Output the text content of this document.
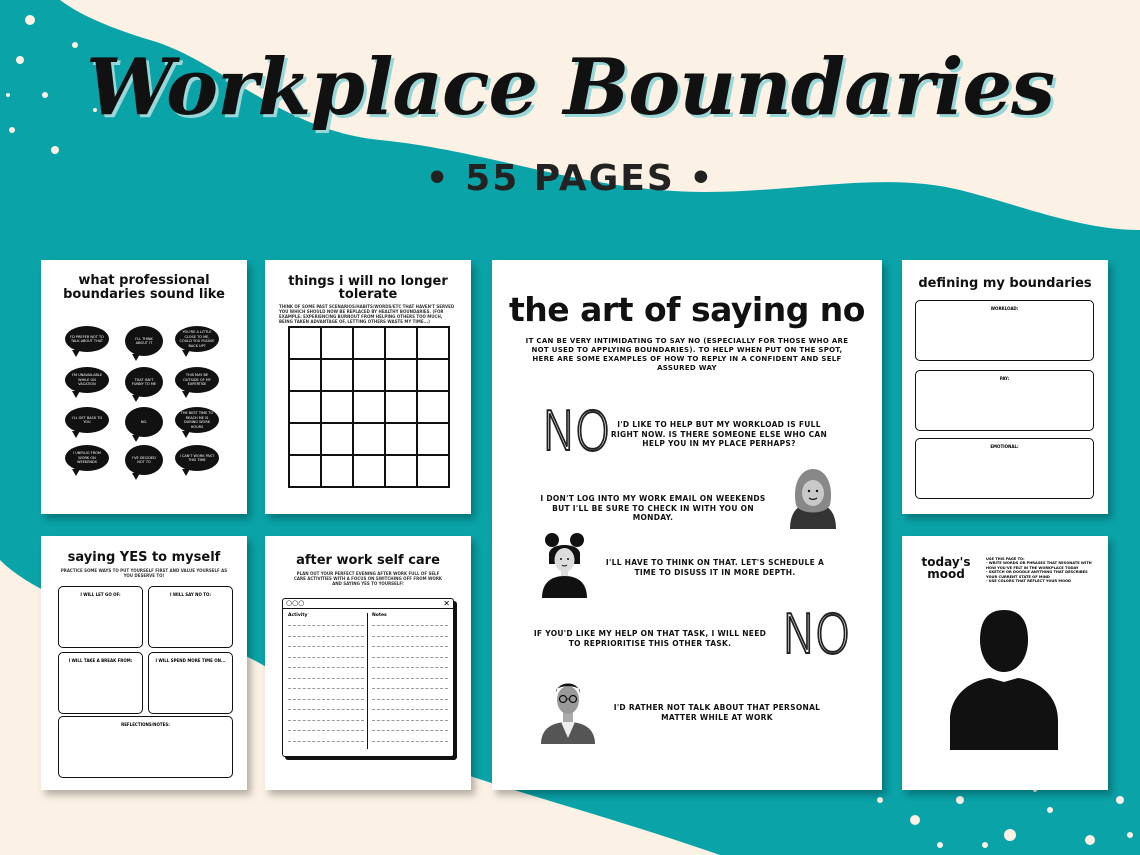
Workplace Boundaries
• 55 PAGES •
what professional boundaries sound like
I'D PREFER NOT TO TALK ABOUT THAT
I'LL THINK ABOUT IT
YOU'RE A LITTLE CLOSE TO ME, COULD YOU PLEASE BACK UP?
I'M UNAVAILABLE WHILE ON VACATION
THAT ISN'T FUNNY TO ME
THIS MAY BE OUTSIDE OF MY EXPERTISE
I'LL GET BACK TO YOU	NO.
THE BEST TIME TO REACH ME IS DURING WORK HOURS
I UNPLUG FROM WORK ON WEEKENDS
I'VE DECIDED NOT TO
I CAN'T WORK PAST THIS TIME
things i will no longer tolerate
THINK OF SOME PAST SCENARIOS/HABITS/WORDS/ETC THAT HAVEN'T SERVED YOU WHICH SHOULD NOW BE REPLACED BY HEALTHY BOUNDARIES. (FOR EXAMPLE: EXPERIENCING BURNOUT FROM HELPING OTHERS TOO MUCH, BEING TAKEN ADVANTAGE OF, LETTING OTHERS WASTE MY TIME...)	the art of saying no
IT CAN BE VERY INTIMIDATING TO SAY NO (ESPECIALLY FOR THOSE WHO ARE NOT USED TO APPLYING BOUNDARIES). TO HELP WHEN PUT ON THE SPOT, HERE ARE SOME EXAMPLES OF HOW TO REPLY IN A CONFIDENT AND SELF ASSURED WAY
NO	I'D LIKE TO HELP BUT MY WORKLOAD IS FULL RIGHT NOW. IS THERE SOMEONE ELSE WHO CAN HELP YOU IN MY PLACE PERHAPS?
I DON'T LOG INTO MY WORK EMAIL ON WEEKENDS BUT I'LL BE SURE TO CHECK IN WITH YOU ON MONDAY.
I'LL HAVE TO THINK ON THAT. LET'S SCHEDULE A TIME TO DISUSS IT IN MORE DEPTH.
IF YOU'D LIKE MY HELP ON THAT TASK, I WILL NEED TO REPRIORITISE THIS OTHER TASK. NO
I'D RATHER NOT TALK ABOUT THAT PERSONAL MATTER WHILE AT WORK
defining my boundaries
WORKLOAD:
PAY:
EMOTIONAL:
saying YES to myself
PRACTICE SOME WAYS TO PUT YOURSELF FIRST AND VALUE YOURSELF AS YOU DESERVE TO!
I WILL LET GO OF:	I WILL SAY NO TO:
I WILL TAKE A BREAK FROM:	I WILL SPEND MORE TIME ON...
REFLECTIONS/NOTES:
after work self care
PLAN OUT YOUR PERFECT EVENING AFTER WORK FULL OF SELF CARE ACTIVITIES WITH A FOCUS ON SWITCHING OFF FROM WORK AND SAYING YES TO YOURSELF!
○○○	✕
Activity	Notes
today's mood
USE THIS PAGE TO:
- WRITE WORDS OR PHRASES THAT RESONATE WITH HOW YOU'VE FELT IN THE WORKPLACE TODAY
- SKETCH OR DOODLE ANYTHING THAT DESCRIBES YOUR CURRENT STATE OF MIND
- USE COLORS THAT REFLECT YOUR MOOD
